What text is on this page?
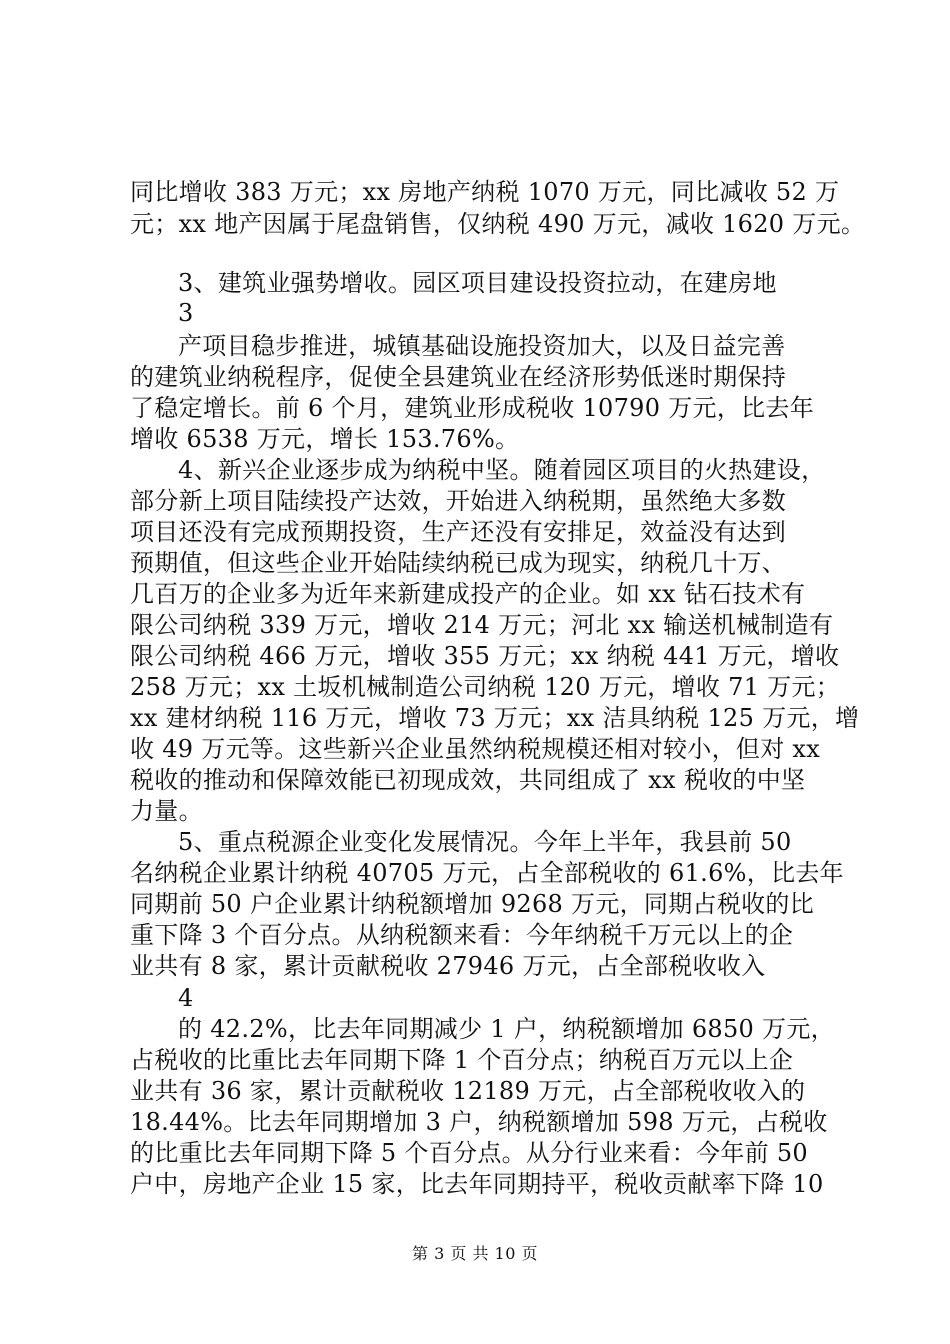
同比增收 383 万元；xx 房地产纳税 1070 万元，同比减收 52 万

元；xx 地产因属于尾盘销售，仅纳税 490 万元，减收 1620 万元。

3、建筑业强势增收。园区项目建设投资拉动，在建房地

3

产项目稳步推进，城镇基础设施投资加大，以及日益完善

的建筑业纳税程序，促使全县建筑业在经济形势低迷时期保持

了稳定增长。前 6 个月，建筑业形成税收 10790 万元，比去年

增收 6538 万元，增长 153.76%。

4、新兴企业逐步成为纳税中坚。随着园区项目的火热建设，

部分新上项目陆续投产达效，开始进入纳税期，虽然绝大多数

项目还没有完成预期投资，生产还没有安排足，效益没有达到

预期值，但这些企业开始陆续纳税已成为现实，纳税几十万、

几百万的企业多为近年来新建成投产的企业。如 xx 钻石技术有

限公司纳税 339 万元，增收 214 万元；河北 xx 输送机械制造有

限公司纳税 466 万元，增收 355 万元；xx 纳税 441 万元，增收

258 万元；xx 土坂机械制造公司纳税 120 万元，增收 71 万元；

xx 建材纳税 116 万元，增收 73 万元；xx 洁具纳税 125 万元，增

收 49 万元等。这些新兴企业虽然纳税规模还相对较小，但对 xx

税收的推动和保障效能已初现成效，共同组成了 xx 税收的中坚

力量。

5、重点税源企业变化发展情况。今年上半年，我县前 50

名纳税企业累计纳税 40705 万元，占全部税收的 61.6%，比去年

同期前 50 户企业累计纳税额增加 9268 万元，同期占税收的比

重下降 3 个百分点。从纳税额来看：今年纳税千万元以上的企

业共有 8 家，累计贡献税收 27946 万元，占全部税收收入

4

的 42.2%，比去年同期减少 1 户，纳税额增加 6850 万元，

占税收的比重比去年同期下降 1 个百分点；纳税百万元以上企

业共有 36 家，累计贡献税收 12189 万元，占全部税收收入的

18.44%。比去年同期增加 3 户，纳税额增加 598 万元，占税收

的比重比去年同期下降 5 个百分点。从分行业来看：今年前 50

户中，房地产企业 15 家，比去年同期持平，税收贡献率下降 10

第 3 页 共 10 页
